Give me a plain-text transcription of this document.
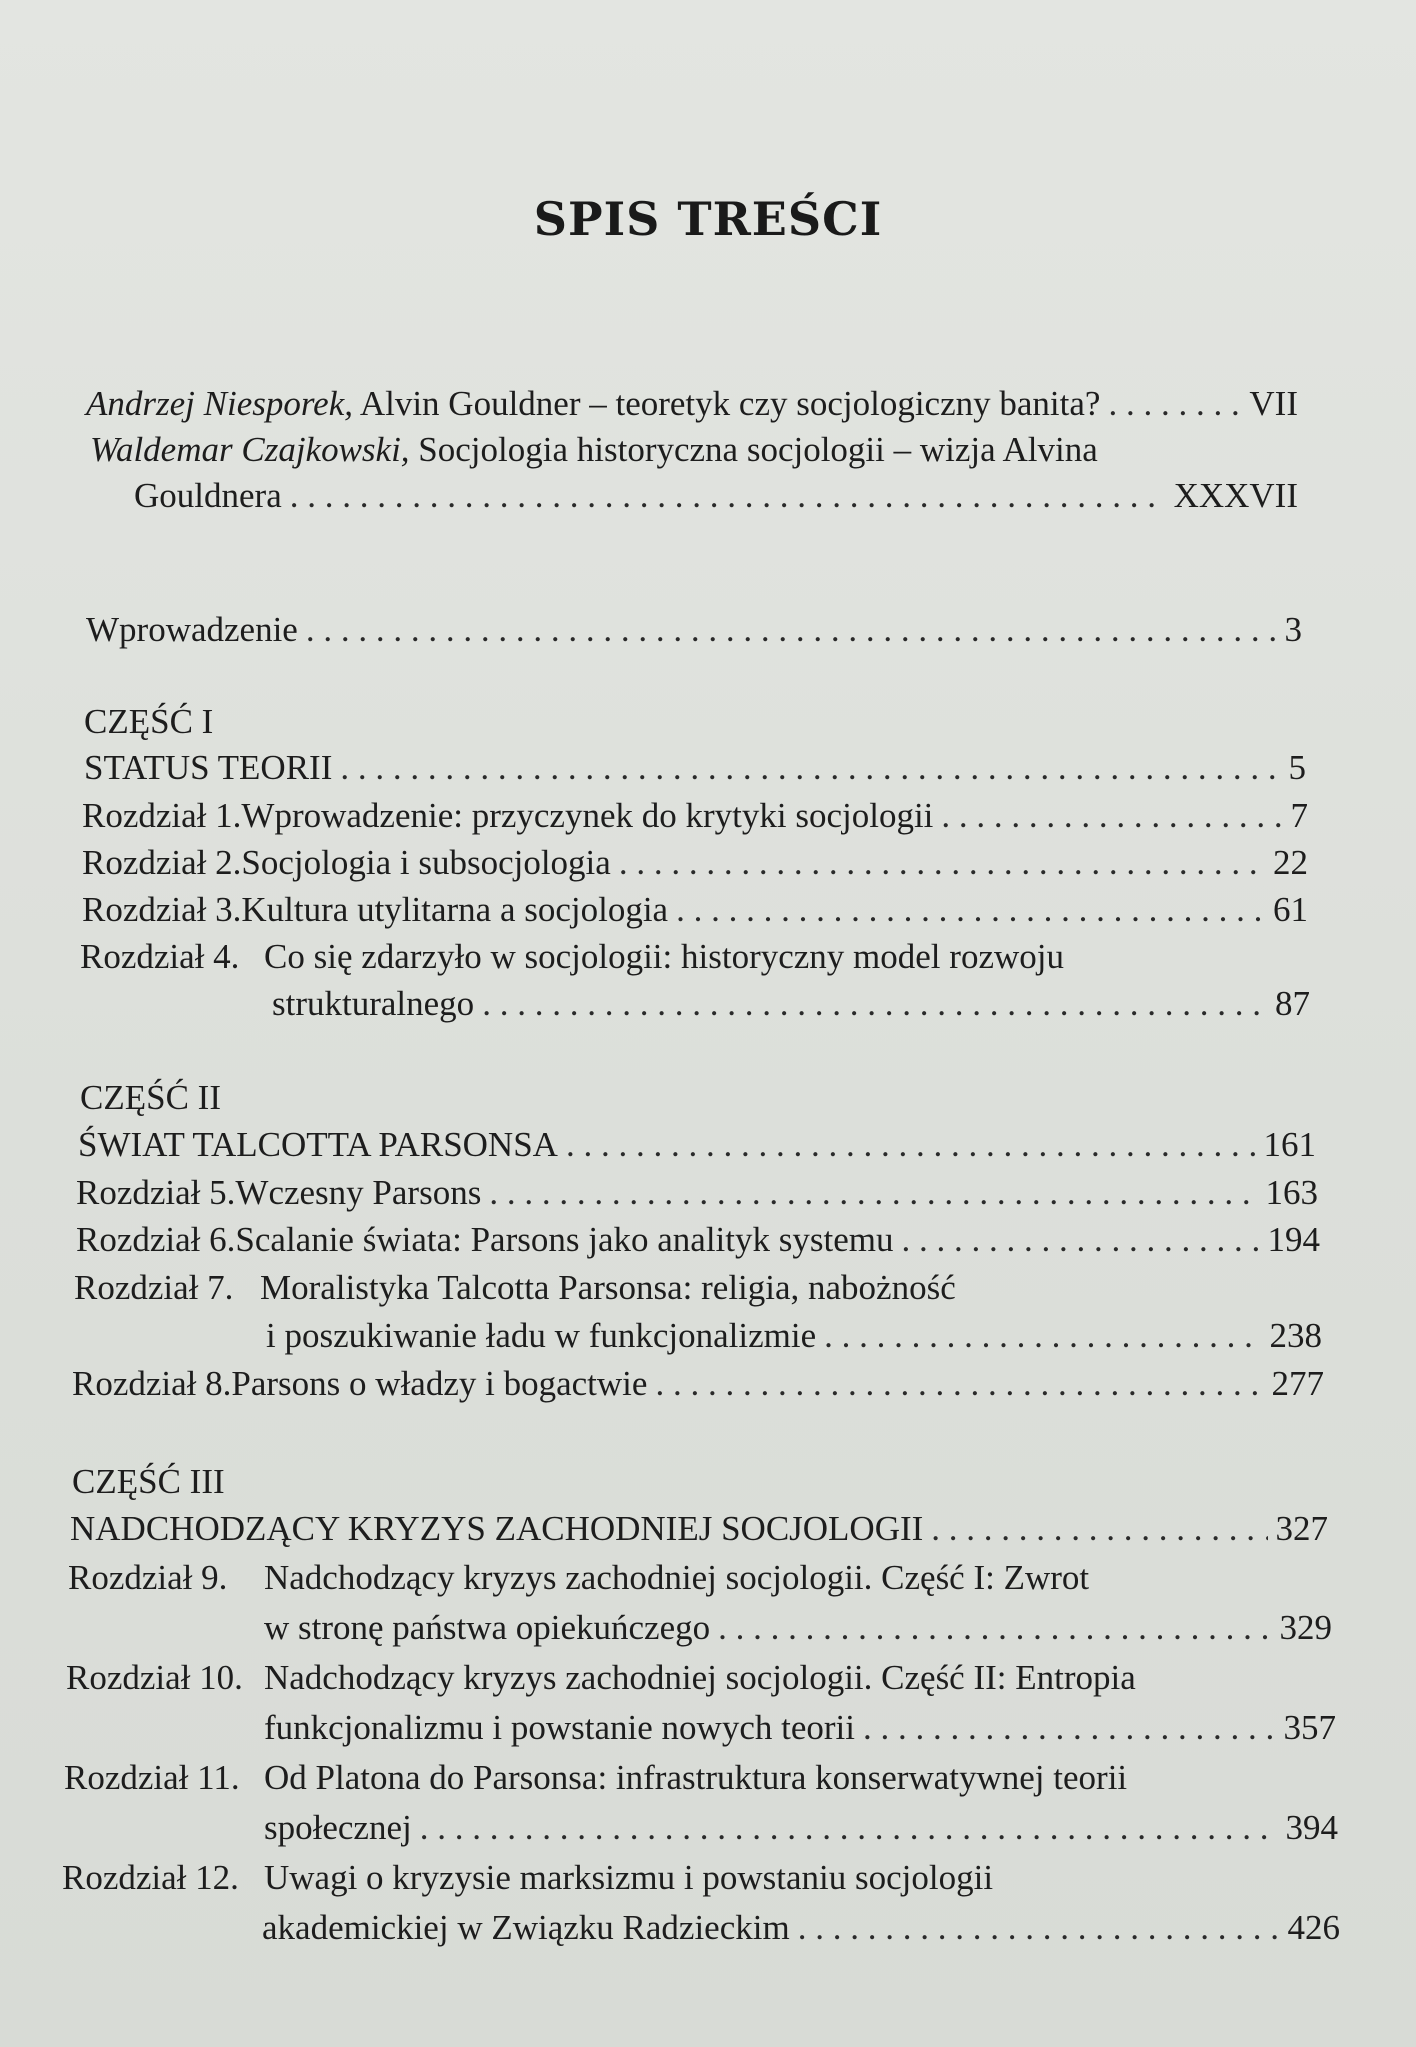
SPIS TREŚCI
Andrzej Niesporek, Alvin Gouldner – teoretyk czy socjologiczny banita? . . .	VII
Waldemar Czajkowski, Socjologia historyczna socjologii – wizja Alvina
Gouldnera . . .	XXXVII
Wprowadzenie . . .	3
CZĘŚĆ I
STATUS TEORII . . .	5
Rozdział 1. Wprowadzenie: przyczynek do krytyki socjologii . . .	7
Rozdział 2. Socjologia i subsocjologia . . .	22
Rozdział 3. Kultura utylitarna a socjologia . . .	61
Rozdział 4. Co się zdarzyło w socjologii: historyczny model rozwoju
strukturalnego . . .	87
CZĘŚĆ II
ŚWIAT TALCOTTA PARSONSA . . .	161
Rozdział 5. Wczesny Parsons . . .	163
Rozdział 6. Scalanie świata: Parsons jako analityk systemu . . .	194
Rozdział 7. Moralistyka Talcotta Parsonsa: religia, nabożność
i poszukiwanie ładu w funkcjonalizmie . . .	238
Rozdział 8. Parsons o władzy i bogactwie . . .	277
CZĘŚĆ III
NADCHODZĄCY KRYZYS ZACHODNIEJ SOCJOLOGII . . .	327
Rozdział 9.	Nadchodzący kryzys zachodniej socjologii. Część I: Zwrot
w stronę państwa opiekuńczego . . .	329
Rozdział 10. Nadchodzący kryzys zachodniej socjologii. Część II: Entropia
funkcjonalizmu i powstanie nowych teorii . . .	357
Rozdział 11. Od Platona do Parsonsa: infrastruktura konserwatywnej teorii
społecznej . . .	394
Rozdział 12. Uwagi o kryzysie marksizmu i powstaniu socjologii
akademickiej w Związku Radzieckim . . .	426
